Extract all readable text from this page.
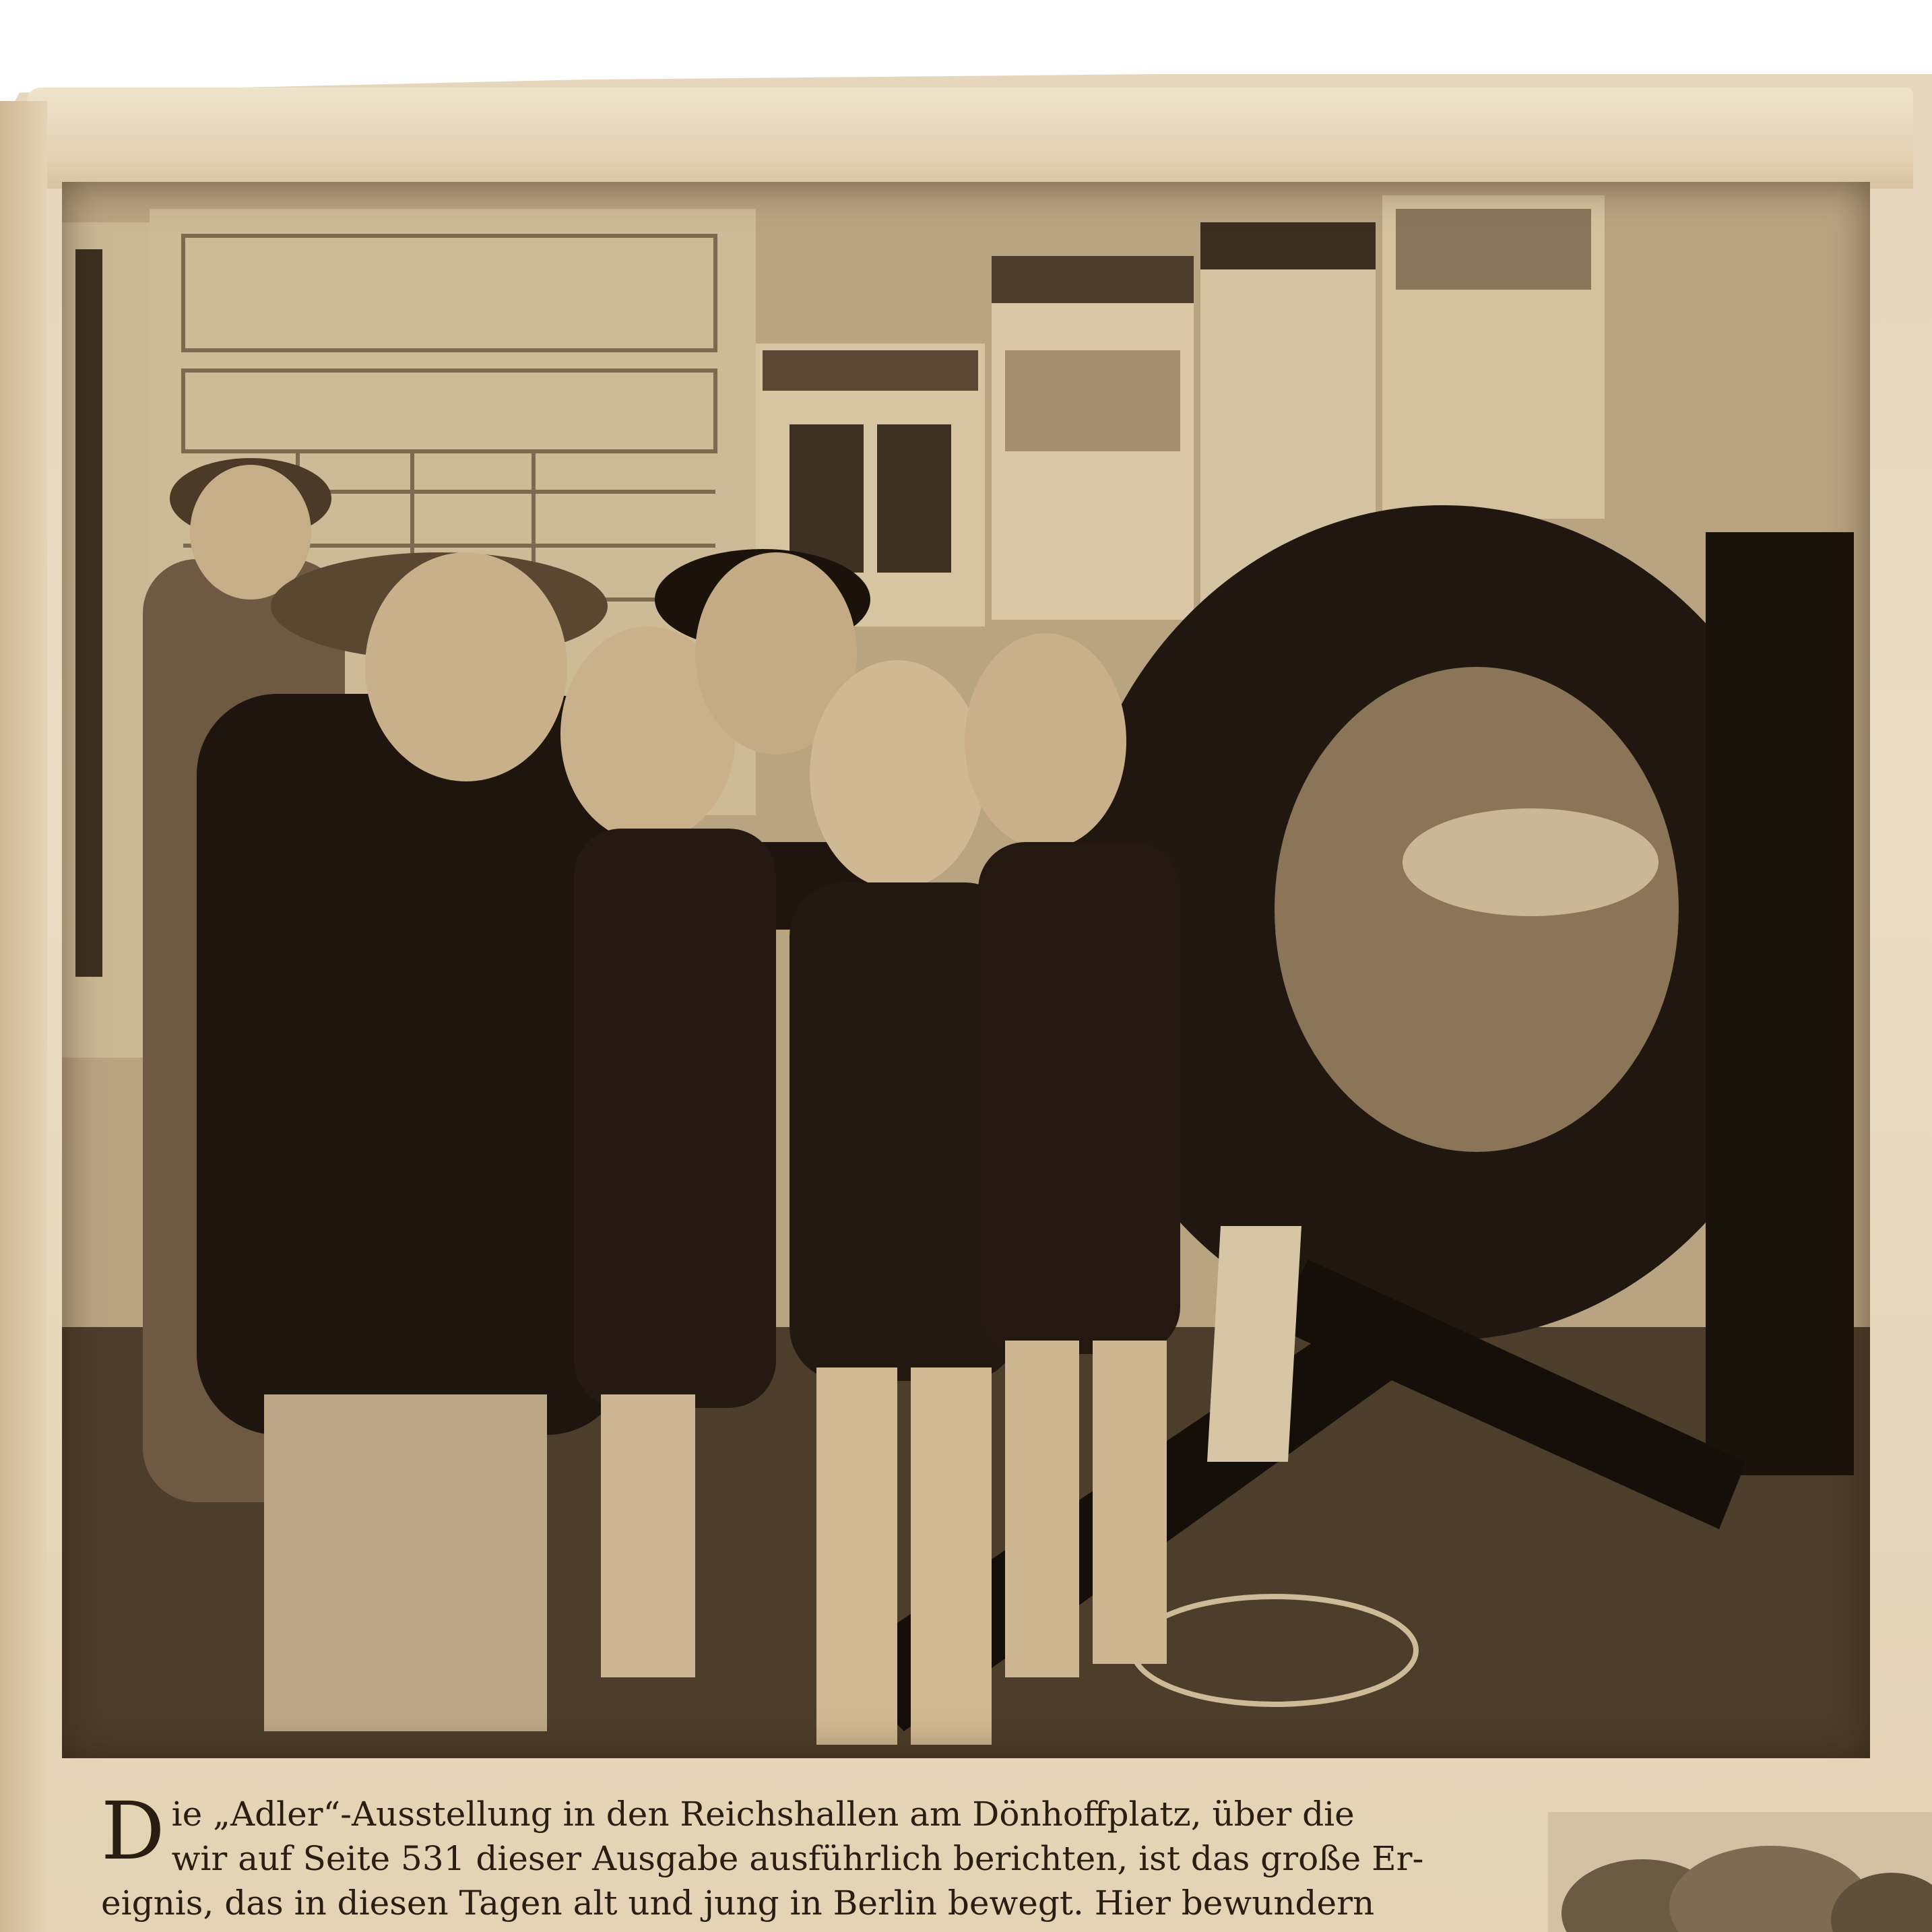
D ie „Adler“-Ausstellung in den Reichshallen am Dönhoffplatz, über die
wir auf Seite 531 dieser Ausgabe ausführlich berichten, ist das große Er-
eignis, das in diesen Tagen alt und jung in Berlin bewegt. Hier bewundern
